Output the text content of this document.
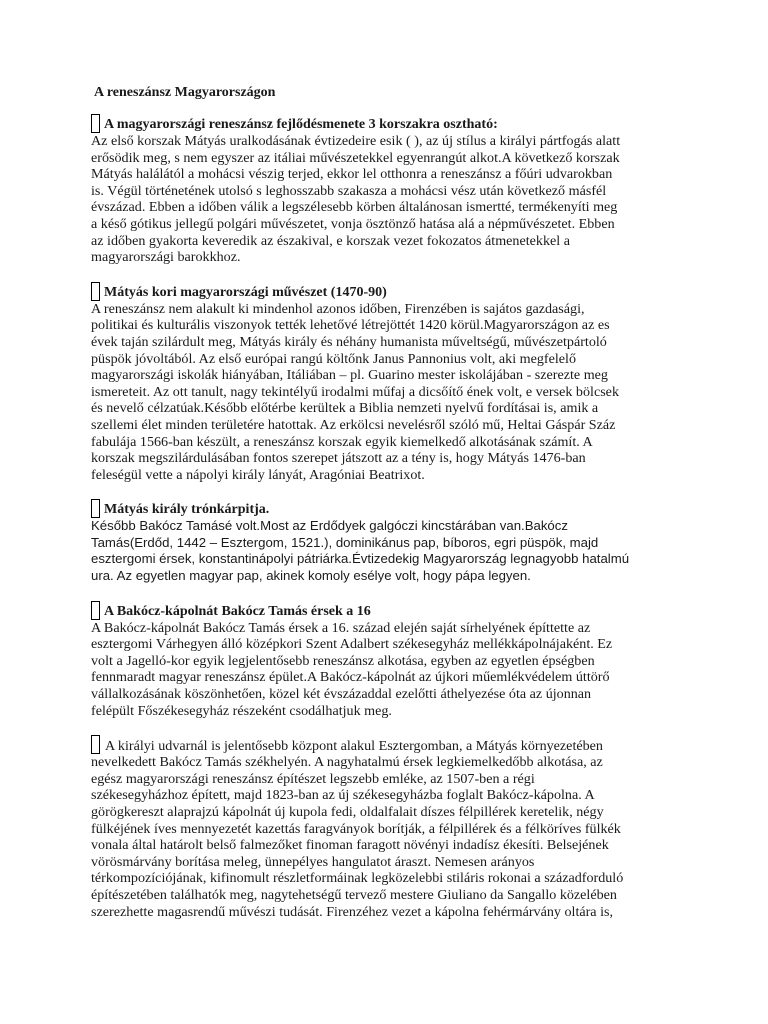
A reneszánsz Magyarországon
A magyarországi reneszánsz fejlődésmenete 3 korszakra osztható:
Az első korszak Mátyás uralkodásának évtizedeire esik ( ), az új stílus a királyi pártfogás alatt
erősödik meg, s nem egyszer az itáliai művészetekkel egyenrangút alkot.A következő korszak
Mátyás halálától a mohácsi vészig terjed, ekkor lel otthonra a reneszánsz a főúri udvarokban
is. Végül történetének utolsó s leghosszabb szakasza a mohácsi vész után következő másfél
évszázad. Ebben a időben válik a legszélesebb körben általánosan ismertté, termékenyíti meg
a késő gótikus jellegű polgári művészetet, vonja ösztönző hatása alá a népművészetet. Ebben
az időben gyakorta keveredik az északival, e korszak vezet fokozatos átmenetekkel a
magyarországi barokkhoz.
Mátyás kori magyarországi művészet (1470-90)
A reneszánsz nem alakult ki mindenhol azonos időben, Firenzében is sajátos gazdasági,
politikai és kulturális viszonyok tették lehetővé létrejöttét 1420 körül.Magyarországon az es
évek taján szilárdult meg, Mátyás király és néhány humanista műveltségű, művészetpártoló
püspök jóvoltából. Az első európai rangú költőnk Janus Pannonius volt, aki megfelelő
magyarországi iskolák hiányában, Itáliában – pl. Guarino mester iskolájában - szerezte meg
ismereteit. Az ott tanult, nagy tekintélyű irodalmi műfaj a dicsőítő ének volt, e versek bölcsek
és nevelő célzatúak.Később előtérbe kerültek a Biblia nemzeti nyelvű fordításai is, amik a
szellemi élet minden területére hatottak. Az erkölcsi nevelésről szóló mű, Heltai Gáspár Száz
fabulája 1566-ban készült, a reneszánsz korszak egyik kiemelkedő alkotásának számít. A
korszak megszilárdulásában fontos szerepet játszott az a tény is, hogy Mátyás 1476-ban
feleségül vette a nápolyi király lányát, Aragóniai Beatrixot.
Mátyás király trónkárpitja.
Később Bakócz Tamásé volt.Most az Erdődyek galgóczi kincstárában van.Bakócz
Tamás(Erdőd, 1442 – Esztergom, 1521.), dominikánus pap, bíboros, egri püspök, majd
esztergomi érsek, konstantinápolyi pátriárka.Évtizedekig Magyarország legnagyobb hatalmú
ura. Az egyetlen magyar pap, akinek komoly esélye volt, hogy pápa legyen.
A Bakócz-kápolnát Bakócz Tamás érsek a 16
A Bakócz-kápolnát Bakócz Tamás érsek a 16. század elején saját sírhelyének építtette az
esztergomi Várhegyen álló középkori Szent Adalbert székesegyház mellékkápolnájaként. Ez
volt a Jagelló-kor egyik legjelentősebb reneszánsz alkotása, egyben az egyetlen épségben
fennmaradt magyar reneszánsz épület.A Bakócz-kápolnát az újkori műemlékvédelem úttörő
vállalkozásának köszönhetően, közel két évszázaddal ezelőtti áthelyezése óta az újonnan
felépült Főszékesegyház részeként csodálhatjuk meg.
A királyi udvarnál is jelentősebb központ alakul Esztergomban, a Mátyás környezetében
nevelkedett Bakócz Tamás székhelyén. A nagyhatalmú érsek legkiemelkedőbb alkotása, az
egész magyarországi reneszánsz építészet legszebb emléke, az 1507-ben a régi
székesegyházhoz épített, majd 1823-ban az új székesegyházba foglalt Bakócz-kápolna. A
görögkereszt alaprajzú kápolnát új kupola fedi, oldalfalait díszes félpillérek keretelik, négy
fülkéjének íves mennyezetét kazettás faragványok borítják, a félpillérek és a félköríves fülkék
vonala által határolt belső falmezőket finoman faragott növényi indadísz ékesíti. Belsejének
vörösmárvány borítása meleg, ünnepélyes hangulatot áraszt. Nemesen arányos
térkompozíciójának, kifinomult részletformáinak legközelebbi stiláris rokonai a századforduló
építészetében találhatók meg, nagytehetségű tervező mestere Giuliano da Sangallo közelében
szerezhette magasrendű művészi tudását. Firenzéhez vezet a kápolna fehérmárvány oltára is,
